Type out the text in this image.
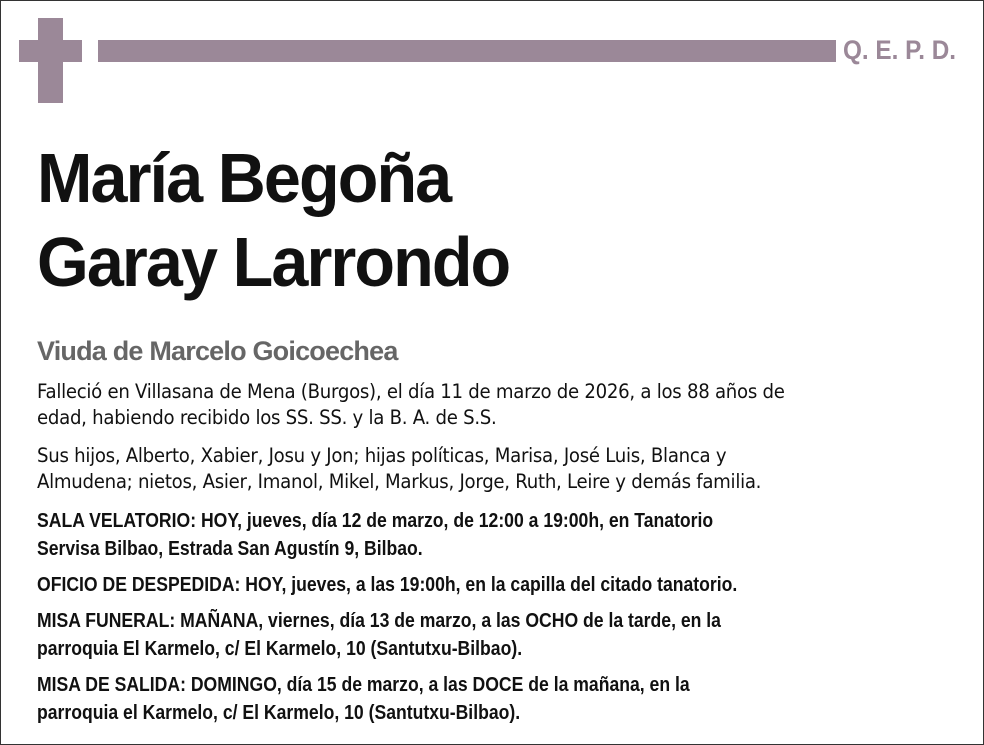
Q. E. P. D.
María Begoña
Garay Larrondo
Viuda de Marcelo Goicoechea
Falleció en Villasana de Mena (Burgos), el día 11 de marzo de 2026, a los 88 años de
edad, habiendo recibido los SS. SS. y la B. A. de S.S.
Sus hijos, Alberto, Xabier, Josu y Jon; hijas políticas, Marisa, José Luis, Blanca y
Almudena; nietos, Asier, Imanol, Mikel, Markus, Jorge, Ruth, Leire y demás familia.
SALA VELATORIO: HOY, jueves, día 12 de marzo, de 12:00 a 19:00h, en Tanatorio
Servisa Bilbao, Estrada San Agustín 9, Bilbao.
OFICIO DE DESPEDIDA: HOY, jueves, a las 19:00h, en la capilla del citado tanatorio.
MISA FUNERAL: MAÑANA, viernes, día 13 de marzo, a las OCHO de la tarde, en la
parroquia El Karmelo, c/ El Karmelo, 10 (Santutxu-Bilbao).
MISA DE SALIDA: DOMINGO, día 15 de marzo, a las DOCE de la mañana, en la
parroquia el Karmelo, c/ El Karmelo, 10 (Santutxu-Bilbao).
